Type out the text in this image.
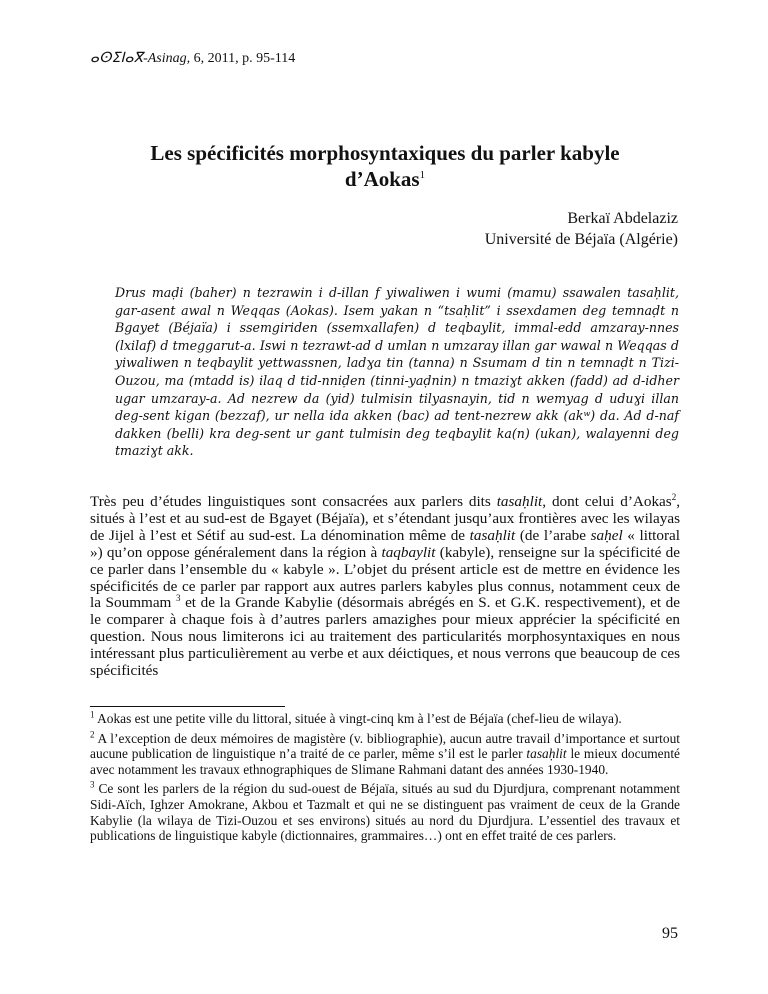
ⴰⵙⵉⵏⴰⴳ-Asinag, 6, 2011, p. 95-114
Les spécificités morphosyntaxiques du parler kabyle
d’Aokas$^1$
Berkaï Abdelaziz
Université de Béjaïa (Algérie)
Drus maḍi (baher) n tezrawin i d-illan f yiwaliwen i wumi (mamu) ssawalen tasaḥlit, gar-asent awal n Weqqas (Aokas). Isem yakan n “tsaḥlit” i ssexdamen deg temnaḍt n Bgayet (Béjaïa) i ssemgiriden (ssemxallafen) d teqbaylit, immal-edd amzaray-nnes (lxilaf) d tmeggarut-a. Iswi n tezrawt-ad d umlan n umzaray illan gar wawal n Weqqas d yiwaliwen n teqbaylit yettwassnen, ladɣa tin (tanna) n Ssumam d tin n temnaḍt n Tizi-Ouzou, ma (mtadd is) ilaq d tid-nniḍen (tinni-yaḍnin) n tmaziɣt akken (fadd) ad d-idher ugar umzaray-a. Ad nezrew da (yid) tulmisin tilyasnayin, tid n wemyag d uduɣi illan deg-sent kigan (bezzaf), ur nella ida akken (bac) ad tent-nezrew akk (akʷ) da. Ad d-naf dakken (belli) kra deg-sent ur gant tulmisin deg teqbaylit ka(n) (ukan), walayenni deg tmaziɣt akk.
Très peu d’études linguistiques sont consacrées aux parlers dits tasaḥlit, dont celui d’Aokas$^2$, situés à l’est et au sud-est de Bgayet (Béjaïa), et s’étendant jusqu’aux frontières avec les wilayas de Jijel à l’est et Sétif au sud-est. La dénomination même de tasaḥlit (de l’arabe saḥel « littoral ») qu’on oppose généralement dans la région à taqbaylit (kabyle), renseigne sur la spécificité de ce parler dans l’ensemble du « kabyle ». L’objet du présent article est de mettre en évidence les spécificités de ce parler par rapport aux autres parlers kabyles plus connus, notamment ceux de la Soummam $^3$ et de la Grande Kabylie (désormais abrégés en S. et G.K. respectivement), et de le comparer à chaque fois à d’autres parlers amazighes pour mieux apprécier la spécificité en question. Nous nous limiterons ici au traitement des particularités morphosyntaxiques en nous intéressant plus particulièrement au verbe et aux déictiques, et nous verrons que beaucoup de ces spécificités
$^1$ Aokas est une petite ville du littoral, située à vingt-cinq km à l’est de Béjaïa (chef-lieu de wilaya).
$^2$ A l’exception de deux mémoires de magistère (v. bibliographie), aucun autre travail d’importance et surtout aucune publication de linguistique n’a traité de ce parler, même s’il est le parler tasaḥlit le mieux documenté avec notamment les travaux ethnographiques de Slimane Rahmani datant des années 1930-1940.
$^3$ Ce sont les parlers de la région du sud-ouest de Béjaïa, situés au sud du Djurdjura, comprenant notamment Sidi-Aïch, Ighzer Amokrane, Akbou et Tazmalt et qui ne se distinguent pas vraiment de ceux de la Grande Kabylie (la wilaya de Tizi-Ouzou et ses environs) situés au nord du Djurdjura. L’essentiel des travaux et publications de linguistique kabyle (dictionnaires, grammaires…) ont en effet traité de ces parlers.
95
